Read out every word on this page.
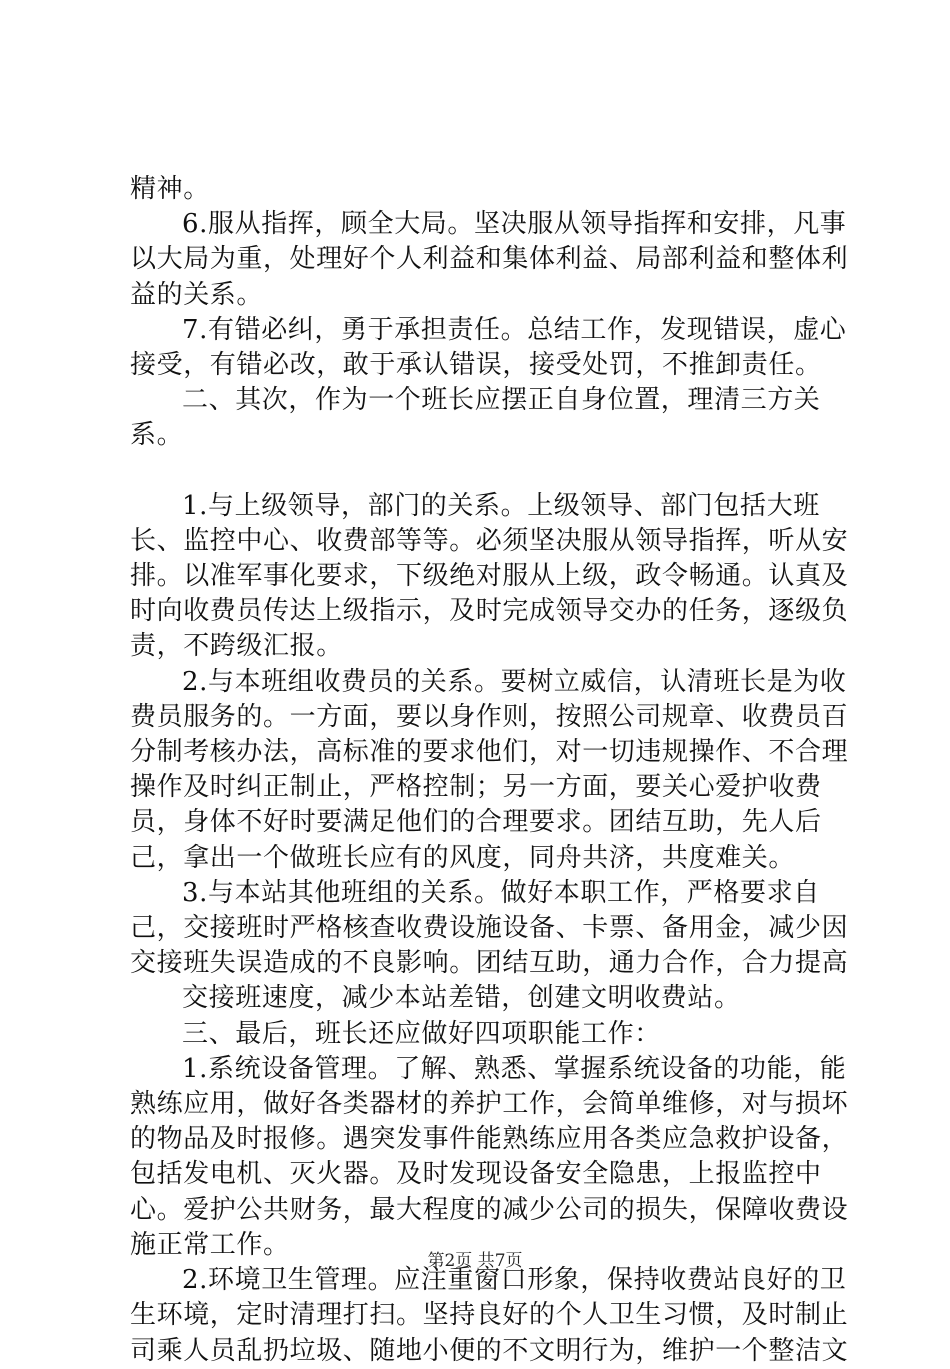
精神。

6.服从指挥，顾全大局。坚决服从领导指挥和安排，凡事以大局为重，处理好个人利益和集体利益、局部利益和整体利益的关系。

7.有错必纠，勇于承担责任。总结工作，发现错误，虚心接受，有错必改，敢于承认错误，接受处罚，不推卸责任。

二、其次，作为一个班长应摆正自身位置，理清三方关系。

1.与上级领导，部门的关系。上级领导、部门包括大班长、监控中心、收费部等等。必须坚决服从领导指挥，听从安排。以准军事化要求，下级绝对服从上级，政令畅通。认真及时向收费员传达上级指示，及时完成领导交办的任务，逐级负责，不跨级汇报。

2.与本班组收费员的关系。要树立威信，认清班长是为收费员服务的。一方面，要以身作则，按照公司规章、收费员百分制考核办法，高标准的要求他们，对一切违规操作、不合理操作及时纠正制止，严格控制；另一方面，要关心爱护收费员，身体不好时要满足他们的合理要求。团结互助，先人后己，拿出一个做班长应有的风度，同舟共济，共度难关。

3.与本站其他班组的关系。做好本职工作，严格要求自己，交接班时严格核查收费设施设备、卡票、备用金，减少因交接班失误造成的不良影响。团结互助，通力合作，合力提高

交接班速度，减少本站差错，创建文明收费站。

三、最后，班长还应做好四项职能工作：

1.系统设备管理。了解、熟悉、掌握系统设备的功能，能熟练应用，做好各类器材的养护工作，会简单维修，对与损坏的物品及时报修。遇突发事件能熟练应用各类应急救护设备，包括发电机、灭火器。及时发现设备安全隐患，上报监控中心。爱护公共财务，最大程度的减少公司的损失，保障收费设施正常工作。

2.环境卫生管理。应注重窗口形象，保持收费站良好的卫生环境，定时清理打扫。坚持良好的个人卫生习惯，及时制止司乘人员乱扔垃圾、随地小便的不文明行为，维护一个整洁文

第2页 共7页
